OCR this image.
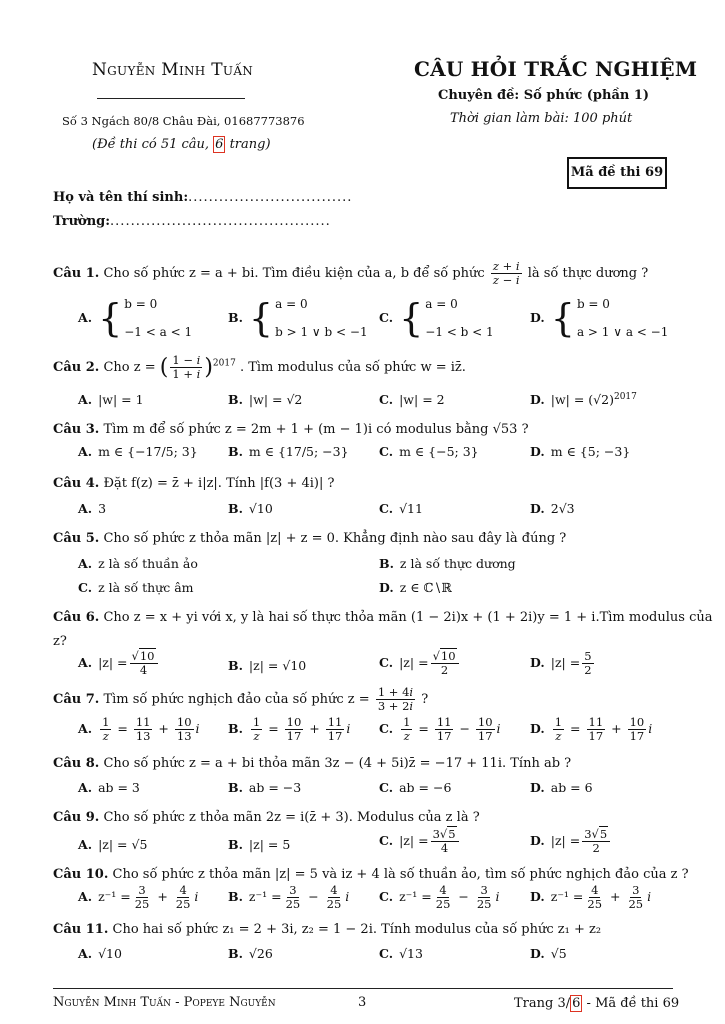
Nguyễn Minh Tuấn
Số 3 Ngách 80/8 Châu Đài, 01687773876
(Đề thi có 51 câu, 6 trang)
CÂU HỎI TRẮC NGHIỆM
Chuyên đề: Số phức (phần 1)
Thời gian làm bài: 100 phút
Mã đề thi 69
Họ và tên thí sinh:................................
Trường:...........................................
Câu 1. Cho số phức z = a + bi. Tìm điều kiện của a, b để số phức $\frac{z + i}{z - i}$ là số thực dương ?
A. { b = 0
−1 < a < 1
B. { a = 0
b > 1 ∨ b < −1
C. { a = 0
−1 < b < 1
D. { b = 0
a > 1 ∨ a < −1
Câu 2. Cho z = ( $\frac{1 - i}{1 + i} )^{2017}$ . Tìm modulus của số phức w = iz̄.
A. |w| = 1	B. |w| = √2	C. |w| = 2	D. $|w| = (√2)^{2017}$
Câu 3. Tìm m để số phức z = 2m + 1 + (m − 1)i có modulus bằng √53 ?
A. m ∈ {−17/5; 3} B. m ∈ {17/5; −3} C. m ∈ {−5; 3}	D. m ∈ {5; −3}
Câu 4. Đặt f(z) = z̄ + i|z|. Tính |f(3 + 4i)| ?
A. 3	B. √10	C. √11	D. 2√3
Câu 5. Cho số phức z thỏa mãn |z| + z = 0. Khẳng định nào sau đây là đúng ?
A. z là số thuần ảo	B. z là số thực dương
C. z là số thực âm	D. z ∈ ℂ∖ℝ
Câu 6. Cho z = x + yi với x, y là hai số thực thỏa mãn (1 − 2i)x + (1 + 2i)y = 1 + i.Tìm modulus của
z?
A. $|z| = \frac{√10}{4}$	B. |z| = √10	C. $|z| = \frac{√10}{2}$	D. $|z| = \frac{5}{2}$
Câu 7. Tìm số phức nghịch đảo của số phức $z = \frac{1 + 4i}{3 + 2i}$ ?
A. $\frac{1}{z} = \frac{11}{13} + \frac{10}{13}$ i B. $\frac{1}{z} = \frac{10}{17} + \frac{11}{17}$ i C. $\frac{1}{z} = \frac{11}{17} - \frac{10}{17}$ i D. $\frac{1}{z} = \frac{11}{17} + \frac{10}{17}$ i
Câu 8. Cho số phức z = a + bi thỏa mãn 3z − (4 + 5i)z̄ = −17 + 11i. Tính ab ?
A. ab = 3	B. ab = −3	C. ab = −6	D. ab = 6
Câu 9. Cho số phức z thỏa mãn 2z = i(z̄ + 3). Modulus của z là ?
A. |z| = √5	B. |z| = 5	C. $|z| = \frac{3√5}{4}$	D. $|z| = \frac{3√5}{2}$
Câu 10. Cho số phức z thỏa mãn |z| = 5 và iz + 4 là số thuần ảo, tìm số phức nghịch đảo của z ?
A. $z^{-1} = \frac{3}{25} + \frac{4}{25}$ i B. $z^{-1} = \frac{3}{25} - \frac{4}{25}$ i C. $z^{-1} = \frac{4}{25} - \frac{3}{25}$ i D. $z^{-1} = \frac{4}{25} + \frac{3}{25}$ i
Câu 11. Cho hai số phức z₁ = 2 + 3i, z₂ = 1 − 2i. Tính modulus của số phức z₁ + z₂
A. √10	B. √26	C. √13	D. √5
Nguyễn Minh Tuấn - Popeye Nguyễn	3	Trang 3/ 6 - Mã đề thi 69
